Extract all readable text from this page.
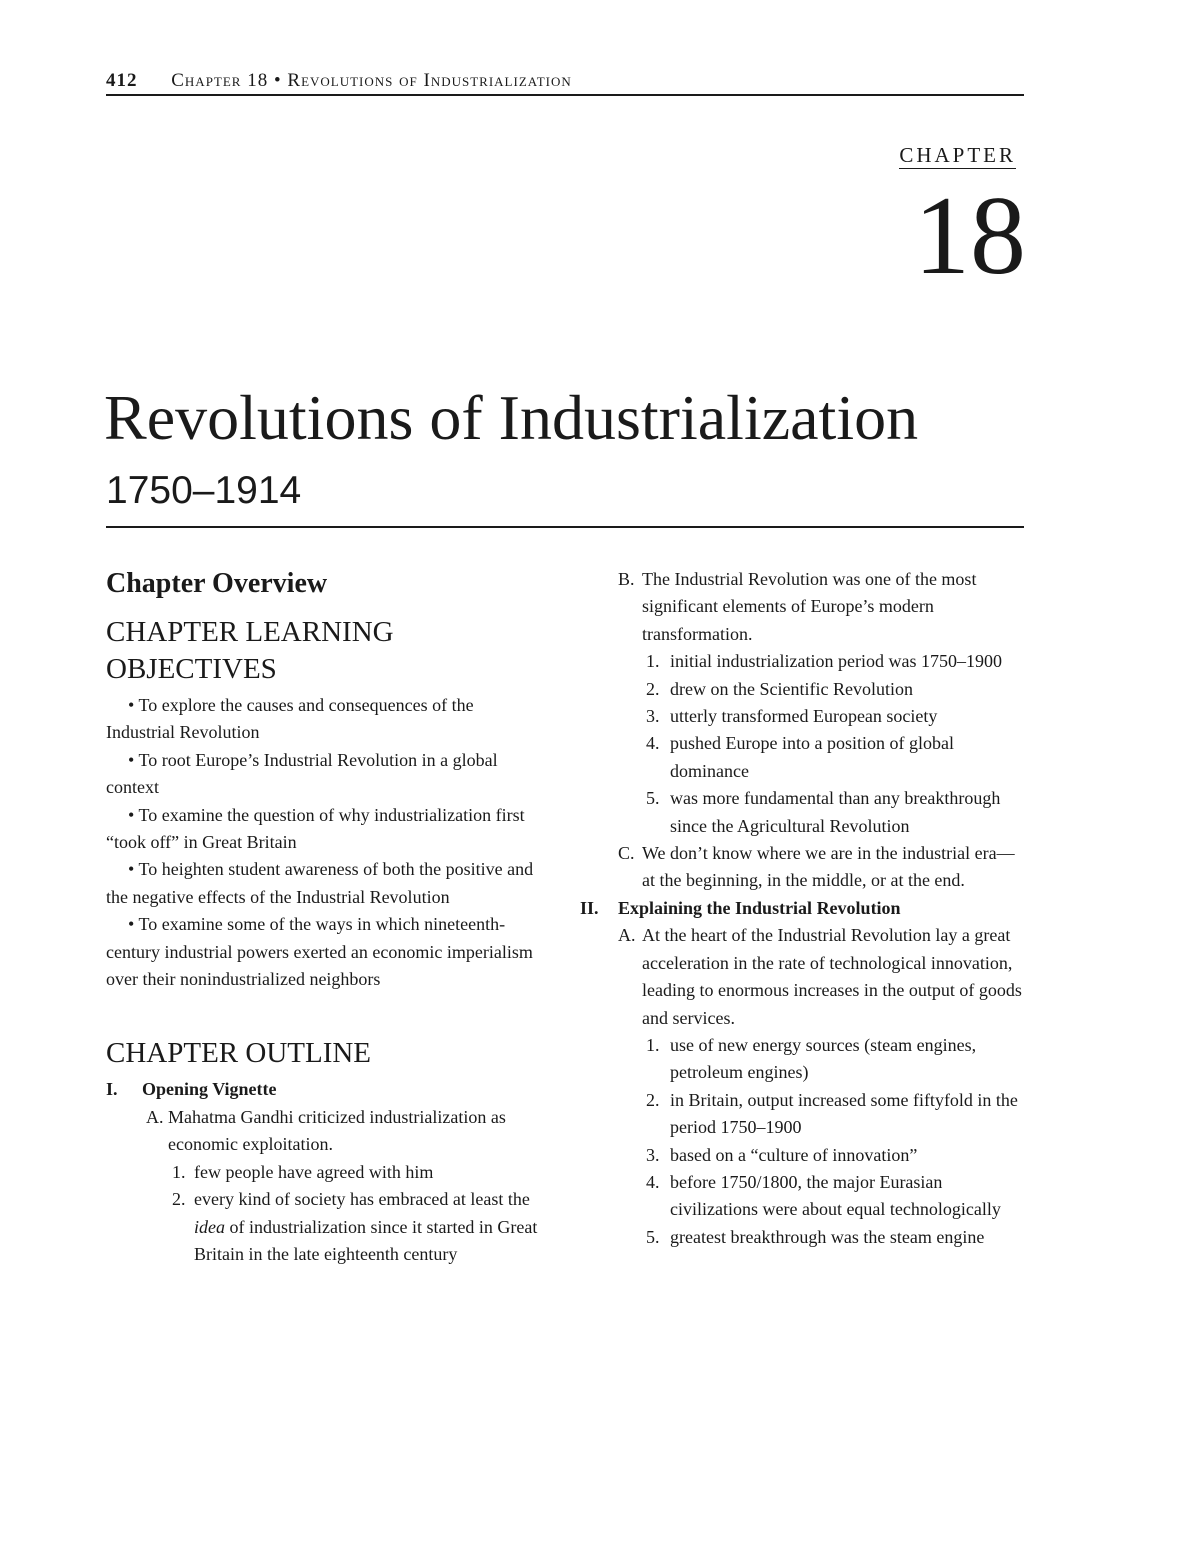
412 Chapter 18 • Revolutions of Industrialization
CHAPTER
18
Revolutions of Industrialization
1750–1914
Chapter Overview
CHAPTER LEARNING OBJECTIVES
• To explore the causes and consequences of the Industrial Revolution
• To root Europe’s Industrial Revolution in a global context
• To examine the question of why industrialization first “took off” in Great Britain
• To heighten student awareness of both the positive and the negative effects of the Industrial Revolution
• To examine some of the ways in which nineteenth-century industrial powers exerted an economic imperialism over their nonindustrialized neighbors
CHAPTER OUTLINE
I. Opening Vignette
A. Mahatma Gandhi criticized industrialization as economic exploitation.
1. few people have agreed with him
2. every kind of society has embraced at least the idea of industrialization since it started in Great Britain in the late eighteenth century
B. The Industrial Revolution was one of the most significant elements of Europe’s modern transformation.
1. initial industrialization period was 1750–1900
2. drew on the Scientific Revolution
3. utterly transformed European society
4. pushed Europe into a position of global dominance
5. was more fundamental than any breakthrough since the Agricultural Revolution
C. We don’t know where we are in the industrial era—at the beginning, in the middle, or at the end.
II. Explaining the Industrial Revolution
A. At the heart of the Industrial Revolution lay a great acceleration in the rate of technological innovation, leading to enormous increases in the output of goods and services.
1. use of new energy sources (steam engines, petroleum engines)
2. in Britain, output increased some fiftyfold in the period 1750–1900
3. based on a “culture of innovation”
4. before 1750/1800, the major Eurasian civilizations were about equal technologically
5. greatest breakthrough was the steam engine
